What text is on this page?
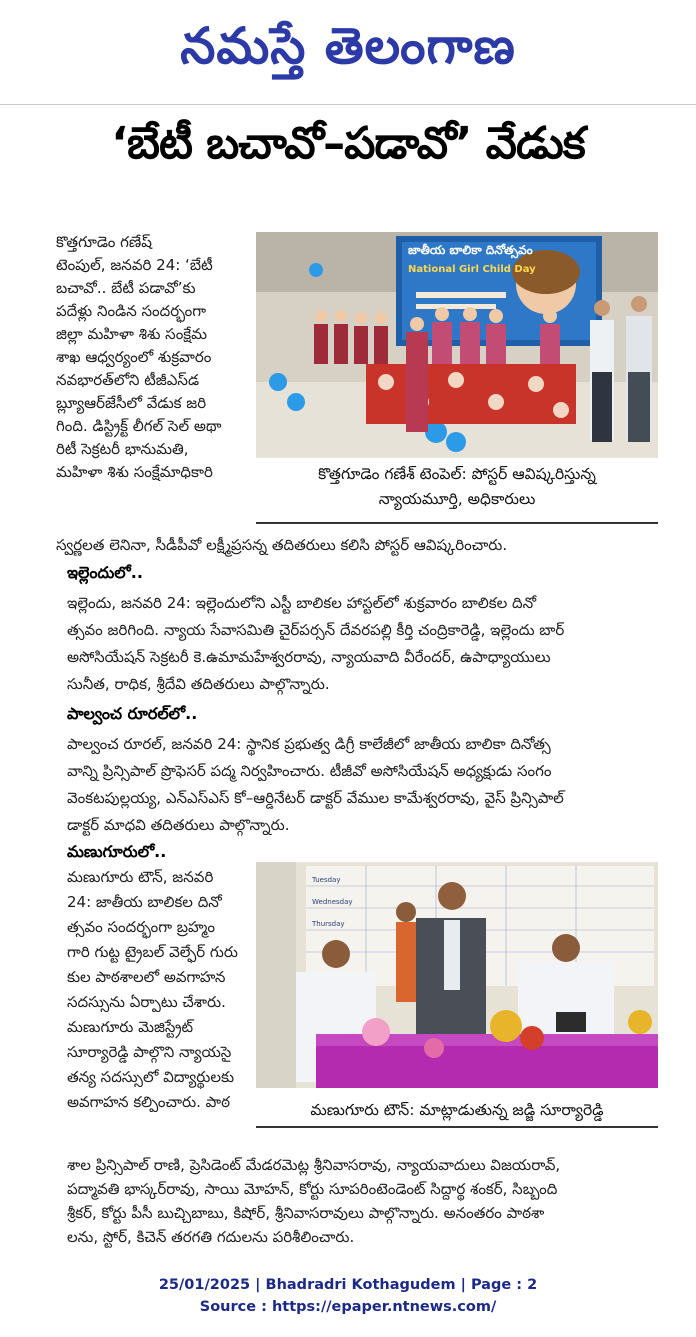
నమస్తే తెలంగాణ
‘బేటీ బచావో–పడావో’ వేడుక

కొత్తగూడెం గణేష్

టెంపుల్, జనవరి 24: ‘బేటీ

బచావో.. బేటీ పడావో’కు

పదేళ్లు నిండిన సందర్భంగా

జిల్లా మహిళా శిశు సంక్షేమ

శాఖ ఆధ్వర్యంలో శుక్రవారం

నవభారత్‌లోని టీజీఎస్‌డ

బ్ల్యూఆర్‌జేసీలో వేడుక జరి

గింది. డిస్ట్రిక్ట్ లీగల్ సెల్ అథా

రిటీ సెక్రటరీ భానుమతి,

మహిళా శిశు సంక్షేమాధికారి

జాతీయ బాలికా దినోత్సవం
National Girl Child Day
కొత్తగూడెం గణేశ్ టెంపెల్: పోస్టర్ ఆవిష్కరిస్తున్న
న్యాయమూర్తి, అధికారులు

స్వర్ణలత లెనినా, సీడీపీవో లక్ష్మీప్రసన్న తదితరులు కలిసి పోస్టర్ ఆవిష్కరించారు.

ఇల్లెందులో..

ఇల్లెందు, జనవరి 24: ఇల్లెందులోని ఎస్టీ బాలికల హాస్టల్‌లో శుక్రవారం బాలికల దినో

త్సవం జరిగింది. న్యాయ సేవాసమితి చైర్‌పర్సన్ దేవరపల్లి కీర్తి చంద్రికారెడ్డి, ఇల్లెందు బార్

అసోసియేషన్ సెక్రటరీ కె.ఉమామహేశ్వరరావు, న్యాయవాది వీరేందర్, ఉపాధ్యాయులు

సునీత, రాధిక, శ్రీదేవి తదితరులు పాల్గొన్నారు.

పాల్వంచ రూరల్‌లో..

పాల్వంచ రూరల్, జనవరి 24: స్థానిక ప్రభుత్వ డిగ్రీ కాలేజీలో జాతీయ బాలికా దినోత్స

వాన్ని ప్రిన్సిపాల్ ప్రొఫెసర్ పద్మ నిర్వహించారు. టీజీవో అసోసియేషన్ అధ్యక్షుడు సంగం

వెంకటపుల్లయ్య, ఎన్‌ఎస్‌ఎస్ కో–ఆర్డినేటర్ డాక్టర్ వేముల కామేశ్వరరావు, వైస్ ప్రిన్సిపాల్

డాక్టర్ మాధవి తదితరులు పాల్గొన్నారు.

మణుగూరులో..

మణుగూరు టౌన్, జనవరి

24: జాతీయ బాలికల దినో

త్సవం సందర్భంగా బ్రహ్మం

గారి గుట్ట ట్రైబల్ వెల్ఫేర్ గురు

కుల పాఠశాలలో అవగాహన

సదస్సును ఏర్పాటు చేశారు.

మణుగూరు మెజిస్ట్రేట్

సూర్యారెడ్డి పాల్గొని న్యాయసై

తన్య సదస్సులో విద్యార్థులకు

అవగాహన కల్పించారు. పాఠ

Tuesday
Wednesday
Thursday
మణుగూరు టౌన్: మాట్లాడుతున్న జడ్జి సూర్యారెడ్డి

శాల ప్రిన్సిపాల్ రాణి, ప్రెసిడెంట్ మేడరమెట్ల శ్రీనివాసరావు, న్యాయవాదులు విజయరావ్,

పద్మావతి భాస్కర్‌రావు, సాయి మోహన్, కోర్టు సూపరింటెండెంట్ సిద్దార్థ శంకర్, సిబ్బంది

శ్రీకర్, కోర్టు పీసీ బుచ్చిబాబు, కిషోర్, శ్రీనివాసరావులు పాల్గొన్నారు. అనంతరం పాఠశా

లను, స్టోర్, కిచెన్ తరగతి గదులను పరిశీలించారు.

25/01/2025 | Bhadradri Kothagudem | Page : 2
Source : https://epaper.ntnews.com/
